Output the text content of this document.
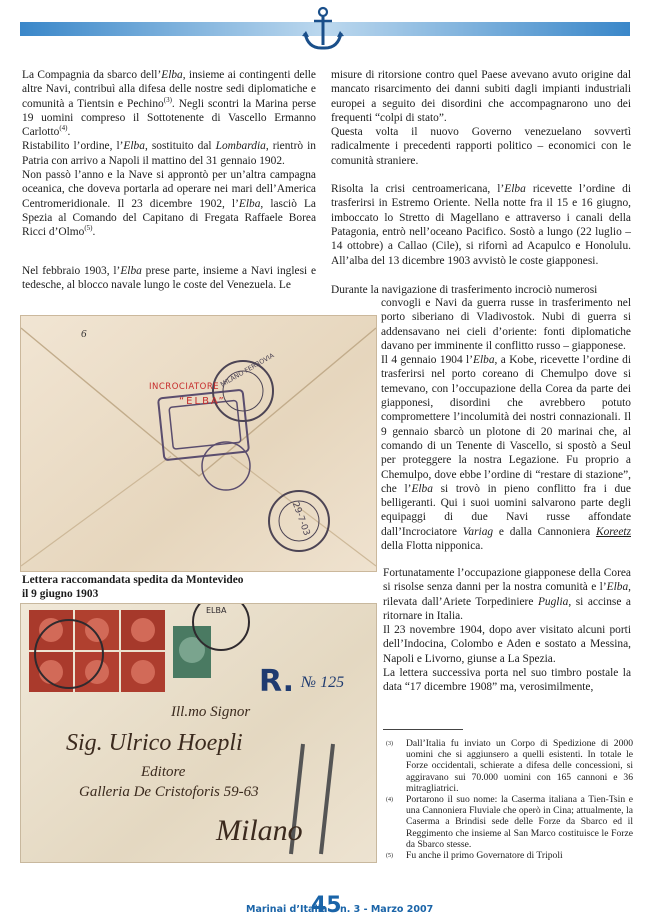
La Compagnia da sbarco dell’Elba, insieme ai contingenti delle altre Navi, contribuì alla difesa delle nostre sedi diplomatiche e comunità a Tientsin e Pechino$^{(3)}$. Negli scontri la Marina perse 19 uomini compreso il Sottotenente di Vascello Ermanno Carlotto$^{(4)}$.

Ristabilito l’ordine, l’Elba, sostituito dal Lombardia, rientrò in Patria con arrivo a Napoli il mattino del 31 gennaio 1902.

Non passò l’anno e la Nave si approntò per un’altra campagna oceanica, che doveva portarla ad operare nei mari dell’America Centromeridionale. Il 23 dicembre 1902, l’Elba, lasciò La Spezia al Comando del Capitano di Fregata Raffaele Borea Ricci d’Olmo$^{(5)}$.

Nel febbraio 1903, l’Elba prese parte, insieme a Navi inglesi e tedesche, al blocco navale lungo le coste del Venezuela. Le

misure di ritorsione contro quel Paese avevano avuto origine dal mancato risarcimento dei danni subiti dagli impianti industriali europei a seguito dei disordini che accompagnarono uno dei frequenti “colpi di stato”.

Questa volta il nuovo Governo venezuelano sovvertì radicalmente i precedenti rapporti politico – economici con le comunità straniere.

Risolta la crisi centroamericana, l’Elba ricevette l’ordine di trasferirsi in Estremo Oriente. Nella notte fra il 15 e 16 giugno, imboccato lo Stretto di Magellano e attraverso i canali della Patagonia, entrò nell’oceano Pacifico. Sostò a lungo (22 luglio – 14 ottobre) a Callao (Cile), si rifornì ad Acapulco e Honolulu. All’alba del 13 dicembre 1903 avvistò le coste giapponesi.

Durante la navigazione di trasferimento incrociò numerosi

convogli e Navi da guerra russe in trasferimento nel porto siberiano di Vladivostok. Nubi di guerra si addensavano nei cieli d’oriente: fonti diplomatiche davano per imminente il conflitto russo – giapponese.

Il 4 gennaio 1904 l’Elba, a Kobe, ricevette l’ordine di trasferirsi nel porto coreano di Chemulpo dove si temevano, con l’occupazione della Corea da parte dei giapponesi, disordini che avrebbero potuto compromettere l’incolumità dei nostri connazionali. Il 9 gennaio sbarcò un plotone di 20 marinai che, al comando di un Tenente di Vascello, si spostò a Seul per proteggere la nostra Legazione. Fu proprio a Chemulpo, dove ebbe l’ordine di “restare di stazione”, che l’Elba si trovò in pieno conflitto fra i due belligeranti. Qui i suoi uomini salvarono parte degli equipaggi di due Navi russe affondate dall’Incrociatore Variag e dalla Cannoniera Koreetz della Flotta nipponica.

Fortunatamente l’occupazione giapponese della Corea si risolse senza danni per la nostra comunità e l’Elba, rilevata dall’Ariete Torpediniere Puglia, si accinse a ritornare in Italia.

Il 23 novembre 1904, dopo aver visitato alcuni porti dell’Indocina, Colombo e Aden e sostato a Messina, Napoli e Livorno, giunse a La Spezia.

La lettera successiva porta nel suo timbro postale la data “17 dicembre 1908” ma, verosimilmente,

6
INCROCIATORE
“ELBA”
MILANO FERROVIA
29-7-03
Lettera raccomandata spedita da Montevideo
il 9 giugno 1903
ELBA
R. № 125
Ill.mo Signor
Sig. Ulrico Hoepli
Editore
Galleria De Cristoforis 59-63
Milano
(3) Dall’Italia fu inviato un Corpo di Spedizione di 2000 uomini che si aggiunsero a quelli esistenti. In totale le Forze occidentali, schierate a difesa delle concessioni, si aggiravano sui 70.000 uomini con 165 cannoni e 36 mitragliatrici.
(4) Portarono il suo nome: la Caserma italiana a Tien-Tsin e una Cannoniera Fluviale che operò in Cina; attualmente, la Caserma a Brindisi sede delle Forze da Sbarco ed il Reggimento che insieme al San Marco costituisce le Forze da Sbarco stesse.
(5) Fu anche il primo Governatore di Tripoli
Marinai d’Italia
45
n. 3 - Marzo 2007
